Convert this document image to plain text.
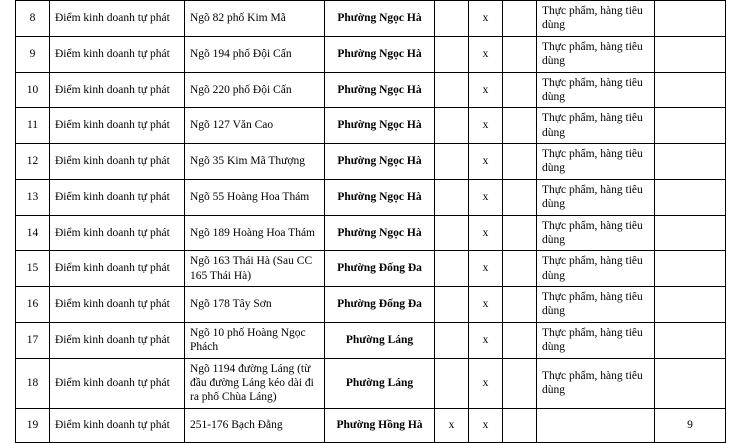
8	Điểm kinh doanh tự phát	Ngõ 82 phố Kim Mã	Phường Ngọc Hà		x		Thực phẩm, hàng tiêu dùng	
9	Điểm kinh doanh tự phát	Ngõ 194 phố Đội Cấn	Phường Ngọc Hà		x		Thực phẩm, hàng tiêu dùng	
10	Điểm kinh doanh tự phát	Ngõ 220 phố Đội Cấn	Phường Ngọc Hà		x		Thực phẩm, hàng tiêu dùng	
11	Điểm kinh doanh tự phát	Ngõ 127 Văn Cao	Phường Ngọc Hà		x		Thực phẩm, hàng tiêu dùng	
12	Điểm kinh doanh tự phát	Ngõ 35 Kim Mã Thượng	Phường Ngọc Hà		x		Thực phẩm, hàng tiêu dùng	
13	Điểm kinh doanh tự phát	Ngõ 55 Hoàng Hoa Thám	Phường Ngọc Hà		x		Thực phẩm, hàng tiêu dùng	
14	Điểm kinh doanh tự phát	Ngõ 189 Hoàng Hoa Thám	Phường Ngọc Hà		x		Thực phẩm, hàng tiêu dùng	
15	Điểm kinh doanh tự phát	Ngõ 163 Thái Hà (Sau CC 165 Thái Hà)	Phường Đống Đa		x		Thực phẩm, hàng tiêu dùng	
16	Điểm kinh doanh tự phát	Ngõ 178 Tây Sơn	Phường Đống Đa		x		Thực phẩm, hàng tiêu dùng	
17	Điểm kinh doanh tự phát	Ngõ 10 phố Hoàng Ngọc Phách	Phường Láng		x		Thực phẩm, hàng tiêu dùng	
18	Điểm kinh doanh tự phát	Ngõ 1194 đường Láng (từ đầu đường Láng kéo dài đi ra phố Chùa Láng)	Phường Láng		x		Thực phẩm, hàng tiêu dùng	
19	Điểm kinh doanh tự phát	251-176 Bạch Đằng	Phường Hồng Hà	x	x			9
